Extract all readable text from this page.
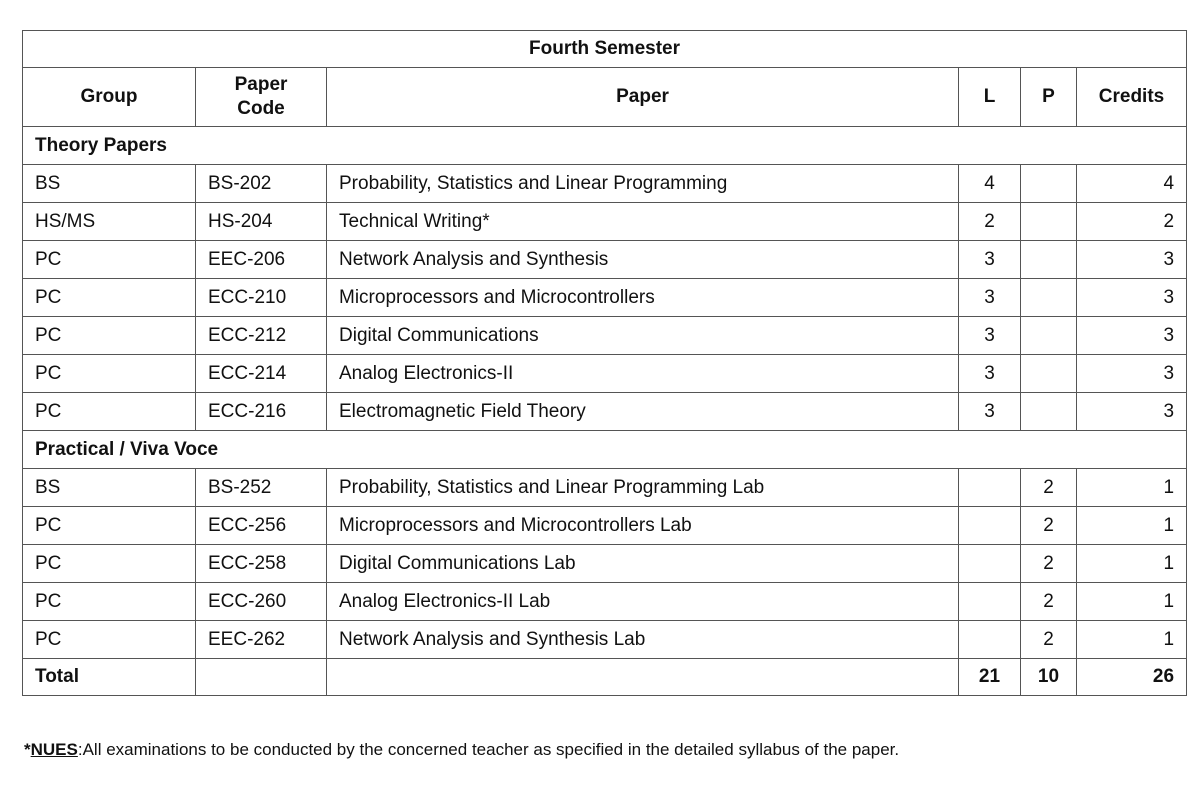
Fourth Semester					
Group	Paper Code	Paper	L	P	Credits
Theory Papers					
BS	BS-202	Probability, Statistics and Linear Programming	4		4
HS/MS	HS-204	Technical Writing*	2		2
PC	EEC-206	Network Analysis and Synthesis	3		3
PC	ECC-210	Microprocessors and Microcontrollers	3		3
PC	ECC-212	Digital Communications	3		3
PC	ECC-214	Analog Electronics-II	3		3
PC	ECC-216	Electromagnetic Field Theory	3		3
Practical / Viva Voce					
BS	BS-252	Probability, Statistics and Linear Programming Lab		2	1
PC	ECC-256	Microprocessors and Microcontrollers Lab		2	1
PC	ECC-258	Digital Communications Lab		2	1
PC	ECC-260	Analog Electronics-II Lab		2	1
PC	EEC-262	Network Analysis and Synthesis Lab		2	1
Total			21	10	26
*NUES:All examinations to be conducted by the concerned teacher as specified in the detailed syllabus of the paper.
